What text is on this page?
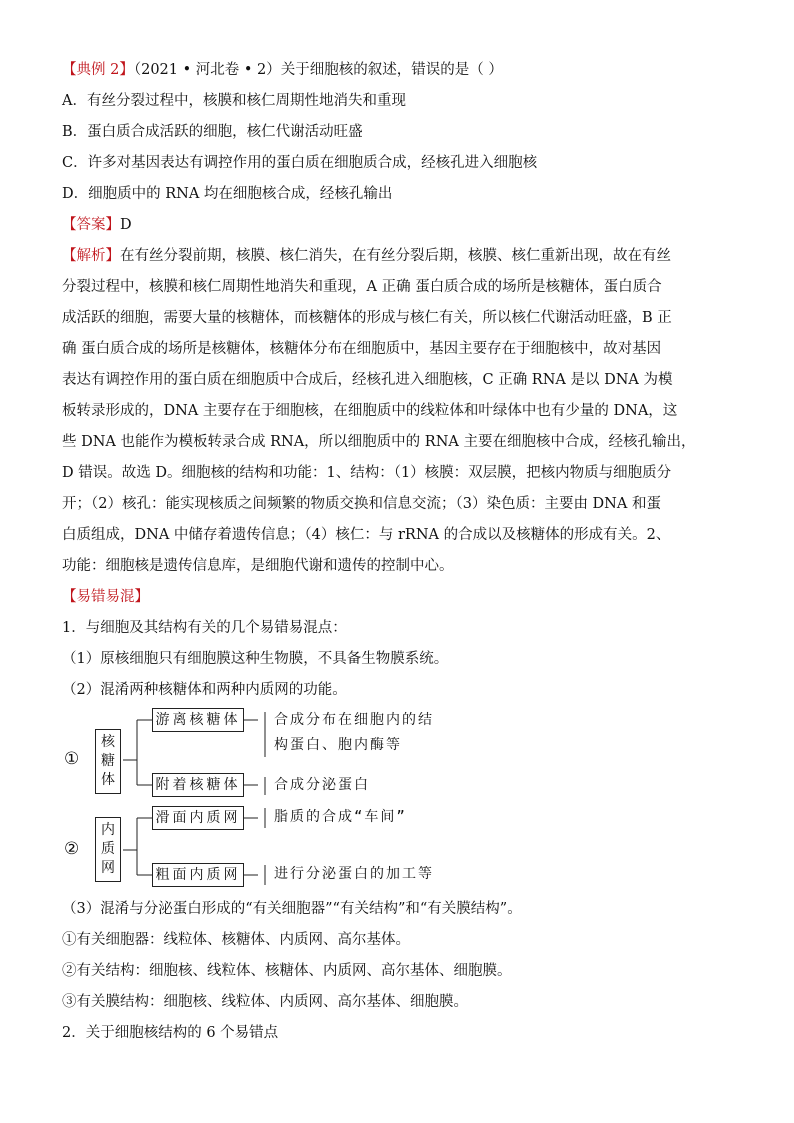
【典例 2】（2021 • 河北卷 • 2）关于细胞核的叙述，错误的是（ ）
A．有丝分裂过程中，核膜和核仁周期性地消失和重现
B．蛋白质合成活跃的细胞，核仁代谢活动旺盛
C．许多对基因表达有调控作用的蛋白质在细胞质合成，经核孔进入细胞核
D．细胞质中的 RNA 均在细胞核合成，经核孔输出
【答案】D
【解析】在有丝分裂前期，核膜、核仁消失，在有丝分裂后期，核膜、核仁重新出现，故在有丝
分裂过程中，核膜和核仁周期性地消失和重现，A 正确 蛋白质合成的场所是核糖体，蛋白质合
成活跃的细胞，需要大量的核糖体，而核糖体的形成与核仁有关，所以核仁代谢活动旺盛，B 正
确 蛋白质合成的场所是核糖体，核糖体分布在细胞质中，基因主要存在于细胞核中，故对基因
表达有调控作用的蛋白质在细胞质中合成后，经核孔进入细胞核，C 正确 RNA 是以 DNA 为模
板转录形成的，DNA 主要存在于细胞核，在细胞质中的线粒体和叶绿体中也有少量的 DNA，这
些 DNA 也能作为模板转录合成 RNA，所以细胞质中的 RNA 主要在细胞核中合成，经核孔输出，
D 错误。故选 D。细胞核的结构和功能：1、结构：（1）核膜：双层膜，把核内物质与细胞质分
开；（2）核孔：能实现核质之间频繁的物质交换和信息交流；（3）染色质：主要由 DNA 和蛋
白质组成，DNA 中储存着遗传信息；（4）核仁：与 rRNA 的合成以及核糖体的形成有关。2、
功能：细胞核是遗传信息库，是细胞代谢和遗传的控制中心。
【易错易混】
1．与细胞及其结构有关的几个易错易混点：
（1）原核细胞只有细胞膜这种生物膜，不具备生物膜系统。
（2）混淆两种核糖体和两种内质网的功能。
①
核
糖
体
游离核糖体 合成分布在细胞内的结
构蛋白、胞内酶等
附着核糖体 合成分泌蛋白
②
内
质
网
滑面内质网 脂质的合成“车间”
粗面内质网 进行分泌蛋白的加工等
（3）混淆与分泌蛋白形成的“有关细胞器”“有关结构”和“有关膜结构”。
①有关细胞器：线粒体、核糖体、内质网、高尔基体。
②有关结构：细胞核、线粒体、核糖体、内质网、高尔基体、细胞膜。
③有关膜结构：细胞核、线粒体、内质网、高尔基体、细胞膜。
2．关于细胞核结构的 6 个易错点
